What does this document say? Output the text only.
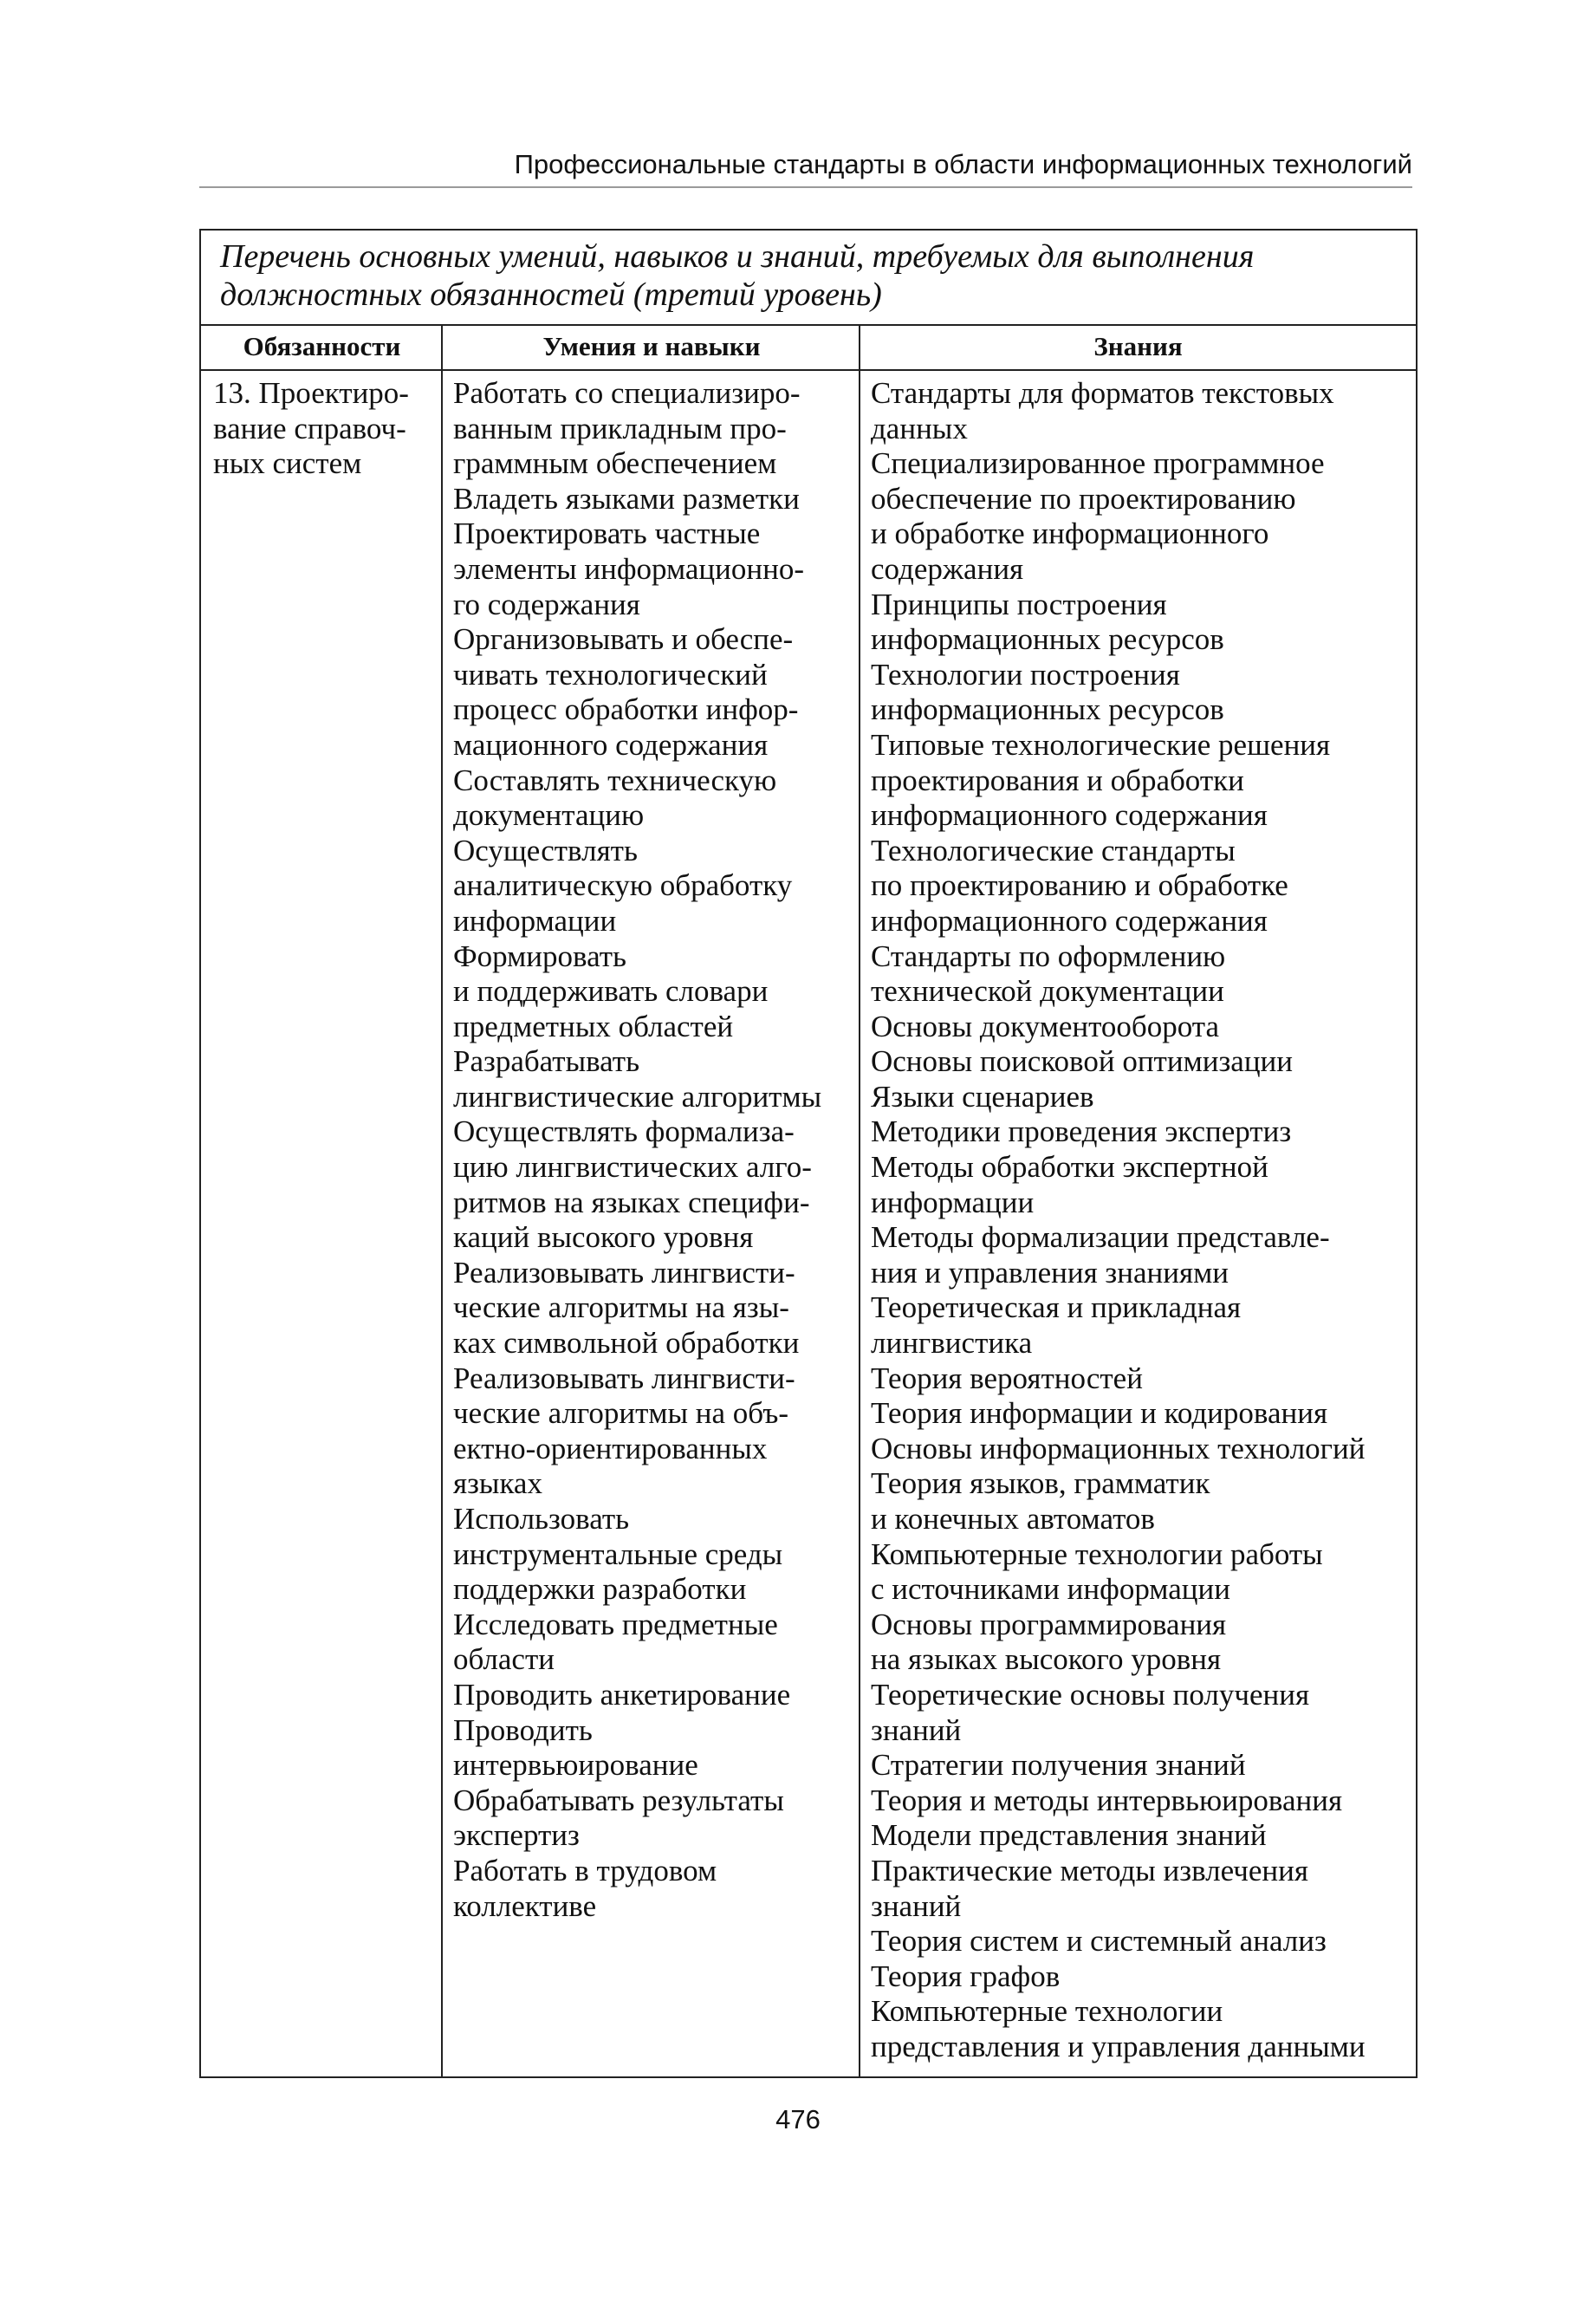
Профессиональные стандарты в области информационных технологий
Перечень основных умений, навыков и знаний, требуемых для выполнения
должностных обязанностей (третий уровень)
Обязанности	Умения и навыки	Знания
13. Проектиро-
вание справоч-
ных систем
Работать со специализиро-
ванным прикладным про-
граммным обеспечением
Владеть языками разметки
Проектировать частные
элементы информационно-
го содержания
Организовывать и обеспе-
чивать технологический
процесс обработки инфор-
мационного содержания
Составлять техническую
документацию
Осуществлять
аналитическую обработку
информации
Формировать
и поддерживать словари
предметных областей
Разрабатывать
лингвистические алгоритмы
Осуществлять формализа-
цию лингвистических алго-
ритмов на языках специфи-
каций высокого уровня
Реализовывать лингвисти-
ческие алгоритмы на язы-
ках символьной обработки
Реализовывать лингвисти-
ческие алгоритмы на объ-
ектно-ориентированных
языках
Использовать
инструментальные среды
поддержки разработки
Исследовать предметные
области
Проводить анкетирование
Проводить
интервьюирование
Обрабатывать результаты
экспертиз
Работать в трудовом
коллективе
Стандарты для форматов текстовых
данных
Специализированное программное
обеспечение по проектированию
и обработке информационного
содержания
Принципы построения
информационных ресурсов
Технологии построения
информационных ресурсов
Типовые технологические решения
проектирования и обработки
информационного содержания
Технологические стандарты
по проектированию и обработке
информационного содержания
Стандарты по оформлению
технической документации
Основы документооборота
Основы поисковой оптимизации
Языки сценариев
Методики проведения экспертиз
Методы обработки экспертной
информации
Методы формализации представле-
ния и управления знаниями
Теоретическая и прикладная
лингвистика
Теория вероятностей
Теория информации и кодирования
Основы информационных технологий
Теория языков, грамматик
и конечных автоматов
Компьютерные технологии работы
с источниками информации
Основы программирования
на языках высокого уровня
Теоретические основы получения
знаний
Стратегии получения знаний
Теория и методы интервьюирования
Модели представления знаний
Практические методы извлечения
знаний
Теория систем и системный анализ
Теория графов
Компьютерные технологии
представления и управления данными
476
